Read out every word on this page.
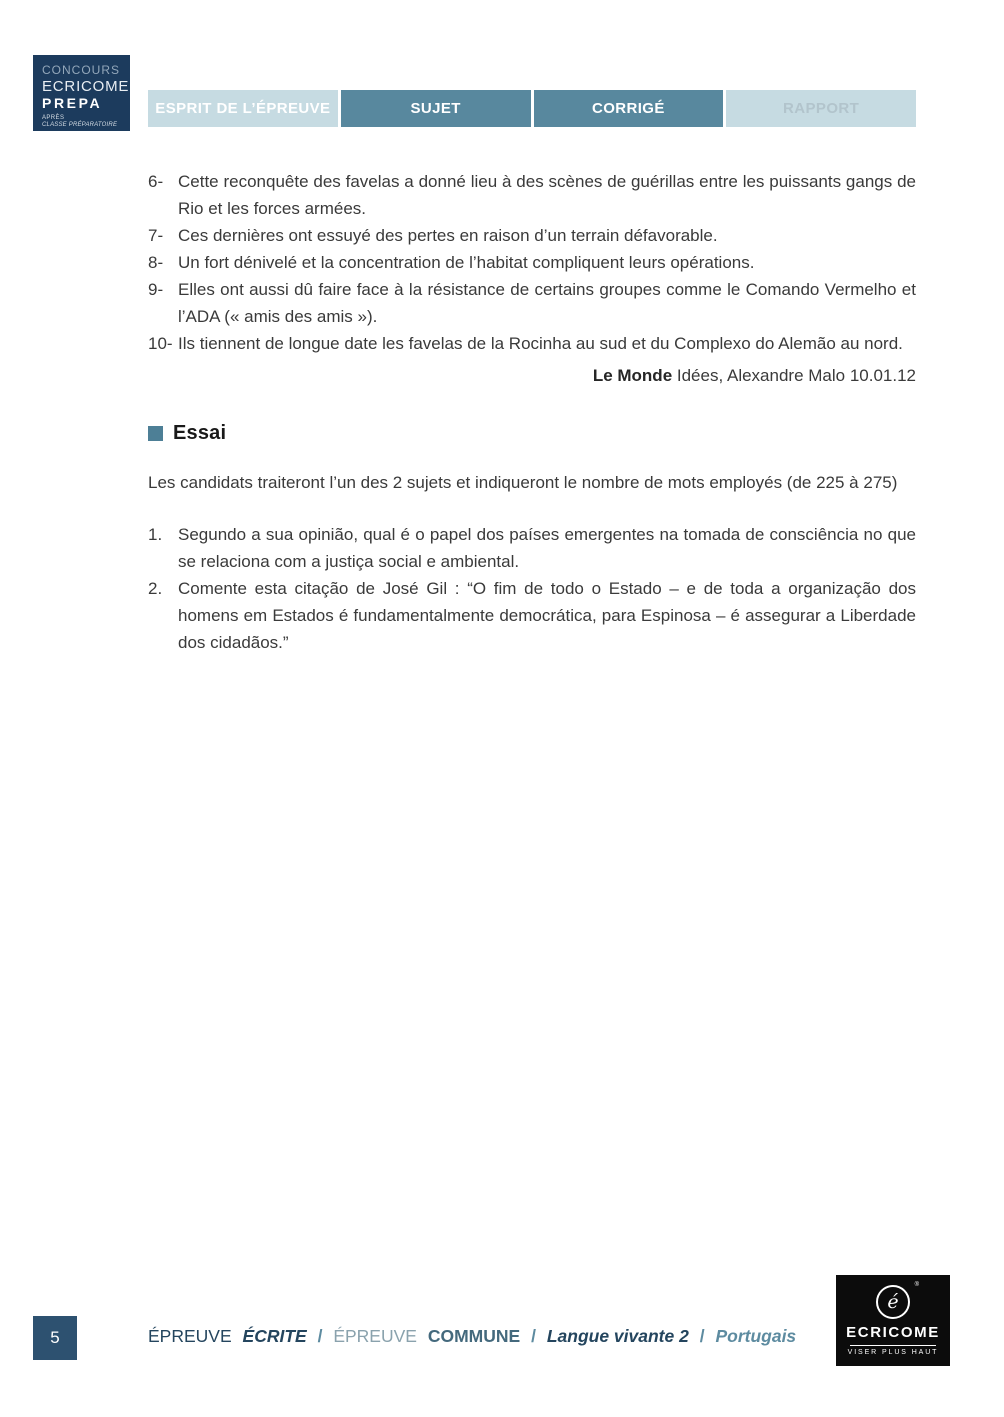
CONCOURS
ECRICOME
PREPA
APRÈS
CLASSE PRÉPARATOIRE
ESPRIT DE L’ÉPREUVE	SUJET	CORRIGÉ	RAPPORT
6- Cette reconquête des favelas a donné lieu à des scènes de guérillas entre les puissants gangs de Rio et les forces armées.
7- Ces dernières ont essuyé des pertes en raison d’un terrain défavorable.
8- Un fort dénivelé et la concentration de l’habitat compliquent leurs opérations.
9- Elles ont aussi dû faire face à la résistance de certains groupes comme le Comando Vermelho et l’ADA (« amis des amis »).
10- Ils tiennent de longue date les favelas de la Rocinha au sud et du Complexo do Alemão au nord.
Le Monde Idées, Alexandre Malo 10.01.12
Essai

Les candidats traiteront l’un des 2 sujets et indiqueront le nombre de mots employés (de 225 à 275)

1. Segundo a sua opinião, qual é o papel dos países emergentes na tomada de consciência no que se relaciona com a justiça social e ambiental.
2. Comente esta citação de José Gil : “O fim de todo o Estado – e de toda a organização dos homens em Estados é fundamentalmente democrática, para Espinosa – é assegurar a Liberdade dos cidadãos.”
5	ÉPREUVE ÉCRITE / ÉPREUVE COMMUNE / Langue vivante 2 / Portugais
é
®
ECRICOME
VISER PLUS HAUT
